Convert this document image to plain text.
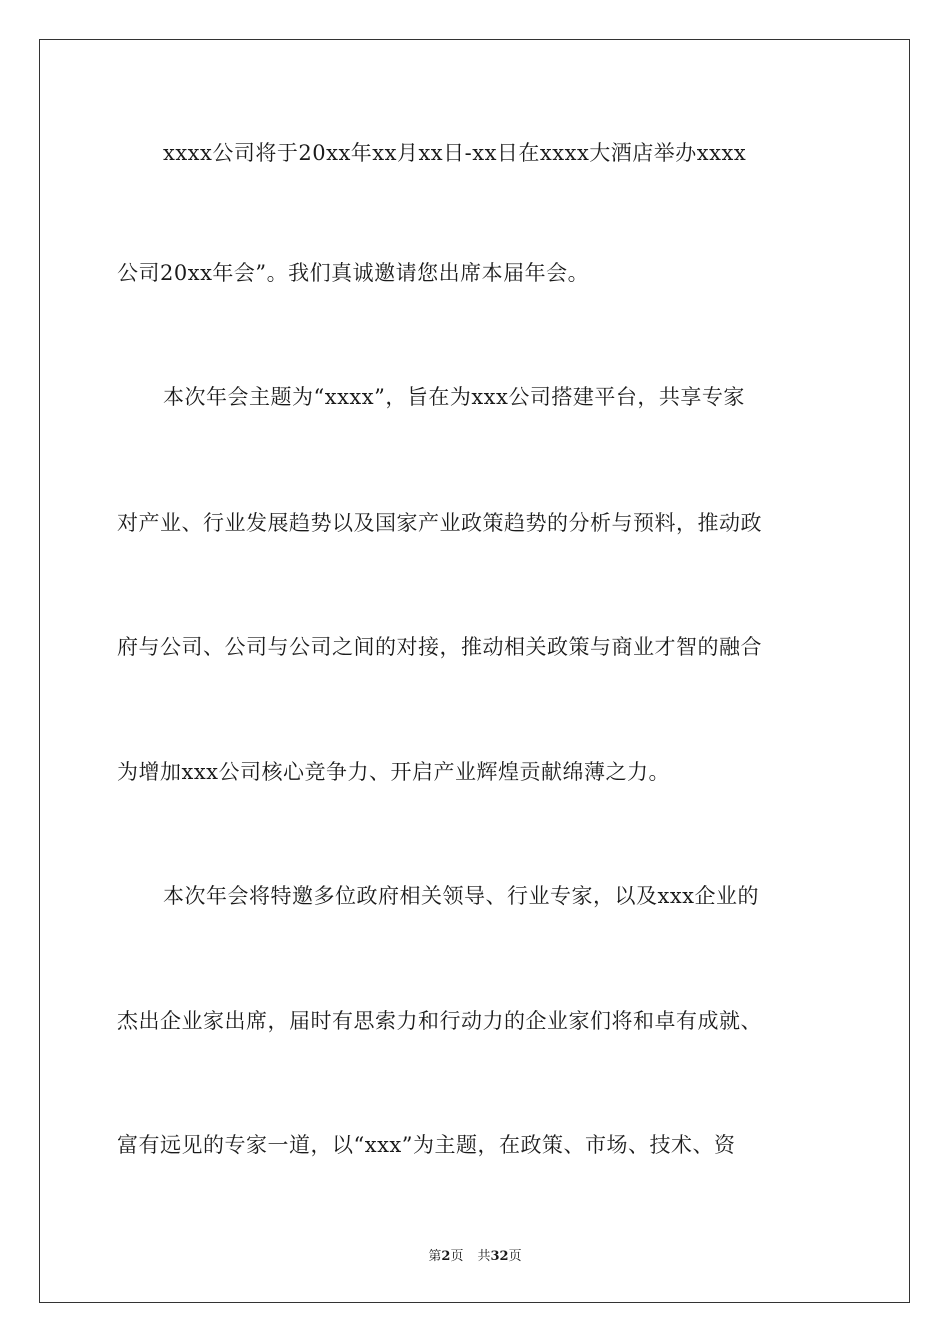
xxxx公司将于20xx年xx月xx日-xx日在xxxx大酒店举办xxxx
公司20xx年会”。我们真诚邀请您出席本届年会。
本次年会主题为“xxxx”，旨在为xxx公司搭建平台，共享专家
对产业、行业发展趋势以及国家产业政策趋势的分析与预料，推动政
府与公司、公司与公司之间的对接，推动相关政策与商业才智的融合
为增加xxx公司核心竞争力、开启产业辉煌贡献绵薄之力。
本次年会将特邀多位政府相关领导、行业专家，以及xxx企业的
杰出企业家出席，届时有思索力和行动力的企业家们将和卓有成就、
富有远见的专家一道，以“xxx”为主题，在政策、市场、技术、资
第2页 共32页
